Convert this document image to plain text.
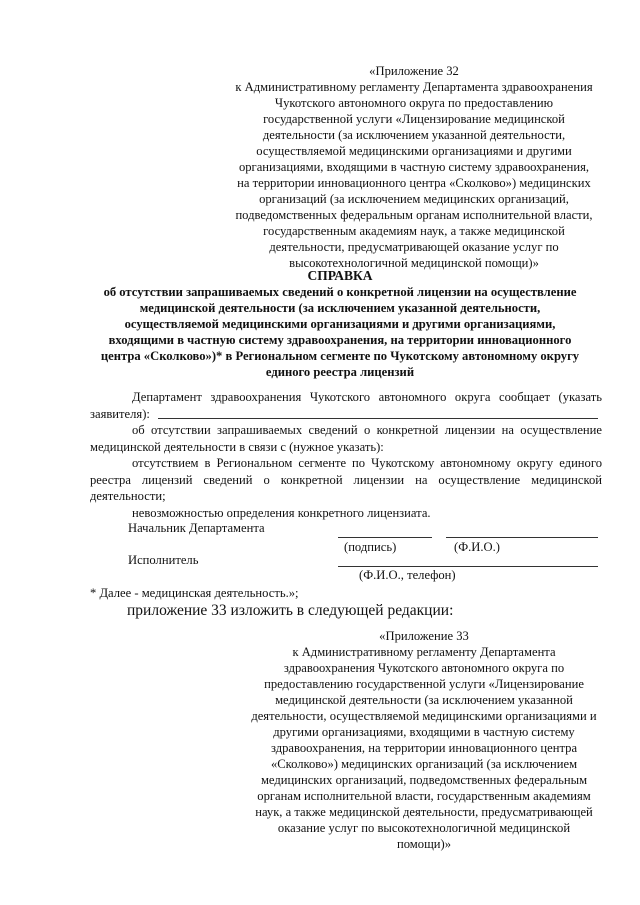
«Приложение 32
к Административному регламенту Департамента здравоохранения
Чукотского автономного округа по предоставлению
государственной услуги «Лицензирование медицинской
деятельности (за исключением указанной деятельности,
осуществляемой медицинскими организациями и другими
организациями, входящими в частную систему здравоохранения,
на территории инновационного центра «Сколково») медицинских
организаций (за исключением медицинских организаций,
подведомственных федеральным органам исполнительной власти,
государственным академиям наук, а также медицинской
деятельности, предусматривающей оказание услуг по
высокотехнологичной медицинской помощи)»
СПРАВКА
об отсутствии запрашиваемых сведений о конкретной лицензии на осуществление
медицинской деятельности (за исключением указанной деятельности,
осуществляемой медицинскими организациями и другими организациями,
входящими в частную систему здравоохранения, на территории инновационного
центра «Сколково»)* в Региональном сегменте по Чукотскому автономному округу
единого реестра лицензий
Департамент здравоохранения Чукотского автономного округа сообщает (указать
заявителя):
об отсутствии запрашиваемых сведений о конкретной лицензии на осуществление
медицинской деятельности в связи с (нужное указать):
отсутствием в Региональном сегменте по Чукотскому автономному округу единого
реестра лицензий сведений о конкретной лицензии на осуществление медицинской
деятельности;
невозможностью определения конкретного лицензиата.
Начальник Департамента
(подпись)	(Ф.И.О.)
Исполнитель
(Ф.И.О., телефон)
* Далее - медицинская деятельность.»;
приложение 33 изложить в следующей редакции:
«Приложение 33
к Административному регламенту Департамента
здравоохранения Чукотского автономного округа по
предоставлению государственной услуги «Лицензирование
медицинской деятельности (за исключением указанной
деятельности, осуществляемой медицинскими организациями и
другими организациями, входящими в частную систему
здравоохранения, на территории инновационного центра
«Сколково») медицинских организаций (за исключением
медицинских организаций, подведомственных федеральным
органам исполнительной власти, государственным академиям
наук, а также медицинской деятельности, предусматривающей
оказание услуг по высокотехнологичной медицинской
помощи)»
